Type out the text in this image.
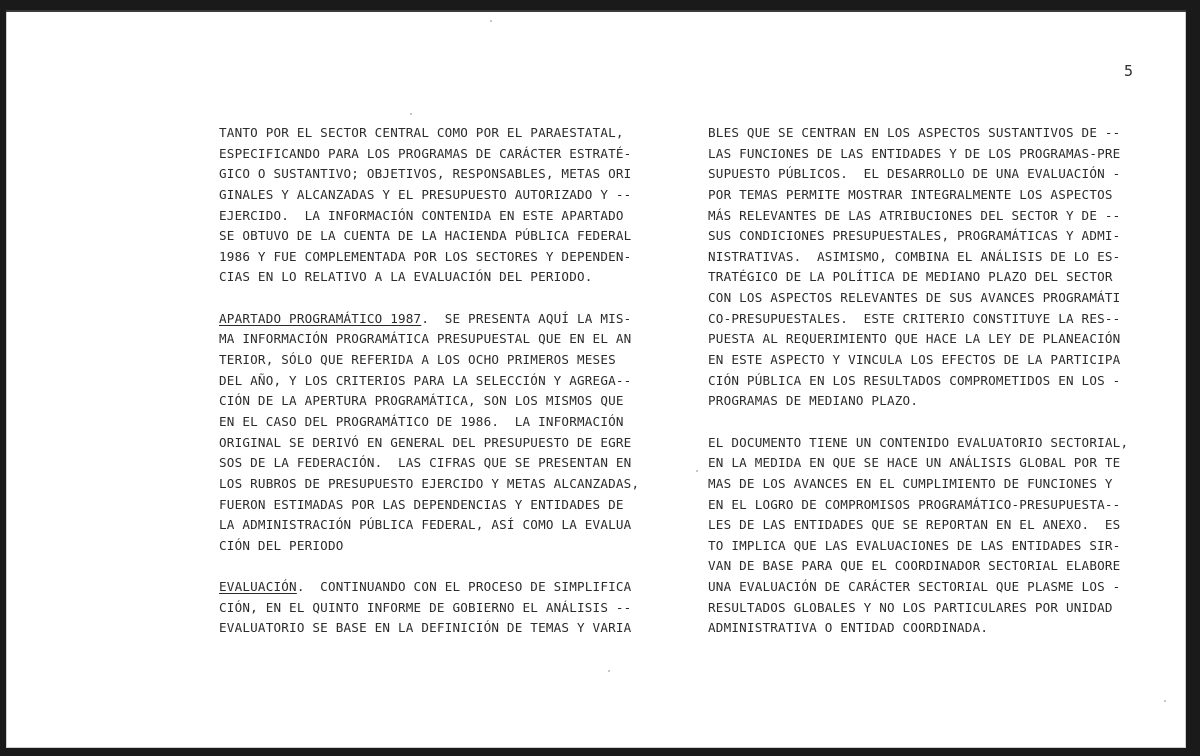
5
TANTO POR EL SECTOR CENTRAL COMO POR EL PARAESTATAL,
ESPECIFICANDO PARA LOS PROGRAMAS DE CARÁCTER ESTRATÉ-
GICO O SUSTANTIVO; OBJETIVOS, RESPONSABLES, METAS ORI
GINALES Y ALCANZADAS Y EL PRESUPUESTO AUTORIZADO Y --
EJERCIDO.  LA INFORMACIÓN CONTENIDA EN ESTE APARTADO
SE OBTUVO DE LA CUENTA DE LA HACIENDA PÚBLICA FEDERAL
1986 Y FUE COMPLEMENTADA POR LOS SECTORES Y DEPENDEN-
CIAS EN LO RELATIVO A LA EVALUACIÓN DEL PERIODO.
APARTADO PROGRAMÁTICO 1987.  SE PRESENTA AQUÍ LA MIS-
MA INFORMACIÓN PROGRAMÁTICA PRESUPUESTAL QUE EN EL AN
TERIOR, SÓLO QUE REFERIDA A LOS OCHO PRIMEROS MESES
DEL AÑO, Y LOS CRITERIOS PARA LA SELECCIÓN Y AGREGA--
CIÓN DE LA APERTURA PROGRAMÁTICA, SON LOS MISMOS QUE
EN EL CASO DEL PROGRAMÁTICO DE 1986.  LA INFORMACIÓN
ORIGINAL SE DERIVÓ EN GENERAL DEL PRESUPUESTO DE EGRE
SOS DE LA FEDERACIÓN.  LAS CIFRAS QUE SE PRESENTAN EN
LOS RUBROS DE PRESUPUESTO EJERCIDO Y METAS ALCANZADAS,
FUERON ESTIMADAS POR LAS DEPENDENCIAS Y ENTIDADES DE
LA ADMINISTRACIÓN PÚBLICA FEDERAL, ASÍ COMO LA EVALUA
CIÓN DEL PERIODO
EVALUACIÓN.  CONTINUANDO CON EL PROCESO DE SIMPLIFICA
CIÓN, EN EL QUINTO INFORME DE GOBIERNO EL ANÁLISIS --
EVALUATORIO SE BASE EN LA DEFINICIÓN DE TEMAS Y VARIA
BLES QUE SE CENTRAN EN LOS ASPECTOS SUSTANTIVOS DE --
LAS FUNCIONES DE LAS ENTIDADES Y DE LOS PROGRAMAS-PRE
SUPUESTO PÚBLICOS.  EL DESARROLLO DE UNA EVALUACIÓN -
POR TEMAS PERMITE MOSTRAR INTEGRALMENTE LOS ASPECTOS
MÁS RELEVANTES DE LAS ATRIBUCIONES DEL SECTOR Y DE --
SUS CONDICIONES PRESUPUESTALES, PROGRAMÁTICAS Y ADMI-
NISTRATIVAS.  ASIMISMO, COMBINA EL ANÁLISIS DE LO ES-
TRATÉGICO DE LA POLÍTICA DE MEDIANO PLAZO DEL SECTOR
CON LOS ASPECTOS RELEVANTES DE SUS AVANCES PROGRAMÁTI
CO-PRESUPUESTALES.  ESTE CRITERIO CONSTITUYE LA RES--
PUESTA AL REQUERIMIENTO QUE HACE LA LEY DE PLANEACIÓN
EN ESTE ASPECTO Y VINCULA LOS EFECTOS DE LA PARTICIPA
CIÓN PÚBLICA EN LOS RESULTADOS COMPROMETIDOS EN LOS -
PROGRAMAS DE MEDIANO PLAZO.
EL DOCUMENTO TIENE UN CONTENIDO EVALUATORIO SECTORIAL,
EN LA MEDIDA EN QUE SE HACE UN ANÁLISIS GLOBAL POR TE
MAS DE LOS AVANCES EN EL CUMPLIMIENTO DE FUNCIONES Y
EN EL LOGRO DE COMPROMISOS PROGRAMÁTICO-PRESUPUESTA--
LES DE LAS ENTIDADES QUE SE REPORTAN EN EL ANEXO.  ES
TO IMPLICA QUE LAS EVALUACIONES DE LAS ENTIDADES SIR-
VAN DE BASE PARA QUE EL COORDINADOR SECTORIAL ELABORE
UNA EVALUACIÓN DE CARÁCTER SECTORIAL QUE PLASME LOS -
RESULTADOS GLOBALES Y NO LOS PARTICULARES POR UNIDAD
ADMINISTRATIVA O ENTIDAD COORDINADA.
